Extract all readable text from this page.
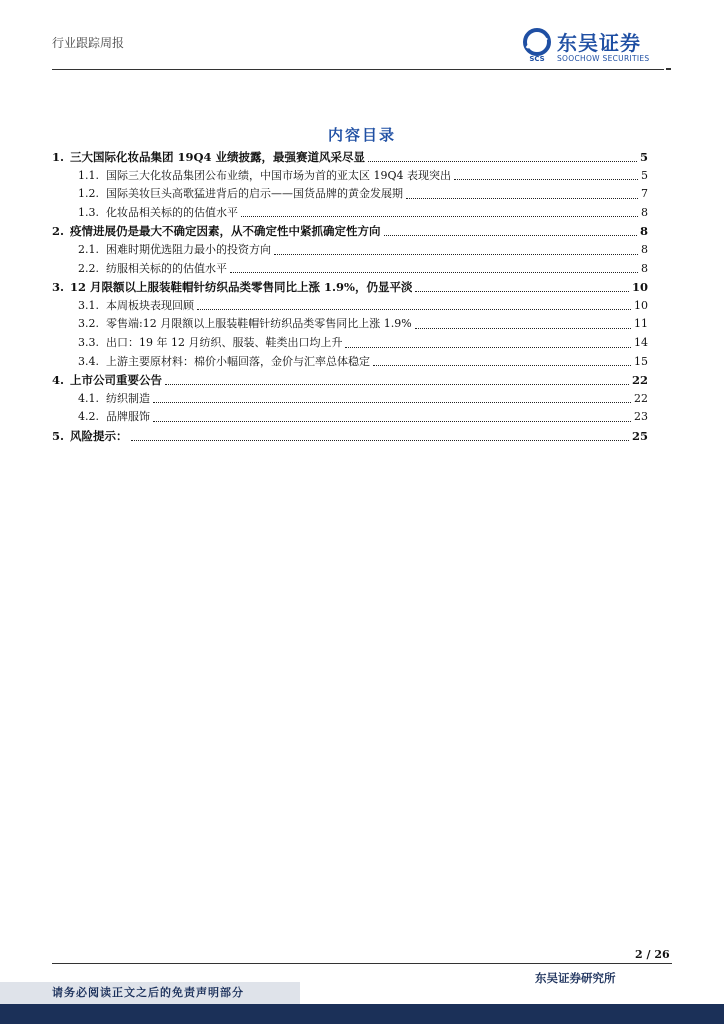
行业跟踪周报
SCS
东吴证券
SOOCHOW SECURITIES
内容目录
1. 三大国际化妆品集团 19Q4 业绩披露，最强赛道风采尽显	5
1.1. 国际三大化妆品集团公布业绩，中国市场为首的亚太区 19Q4 表现突出	5
1.2. 国际美妆巨头高歌猛进背后的启示——国货品牌的黄金发展期	7
1.3. 化妆品相关标的的估值水平	8
2. 疫情进展仍是最大不确定因素，从不确定性中紧抓确定性方向	8
2.1. 困难时期优选阻力最小的投资方向	8
2.2. 纺服相关标的的估值水平	8
3. 12 月限额以上服装鞋帽针纺织品类零售同比上涨 1.9%，仍显平淡	10
3.1. 本周板块表现回顾	10
3.2. 零售端:12 月限额以上服装鞋帽针纺织品类零售同比上涨 1.9%	11
3.3. 出口：19 年 12 月纺织、服装、鞋类出口均上升	14
3.4. 上游主要原材料：棉价小幅回落，金价与汇率总体稳定	15
4. 上市公司重要公告	22
4.1. 纺织制造	22
4.2. 品牌服饰	23
5. 风险提示：	25
2 / 26
东吴证券研究所
请务必阅读正文之后的免责声明部分
